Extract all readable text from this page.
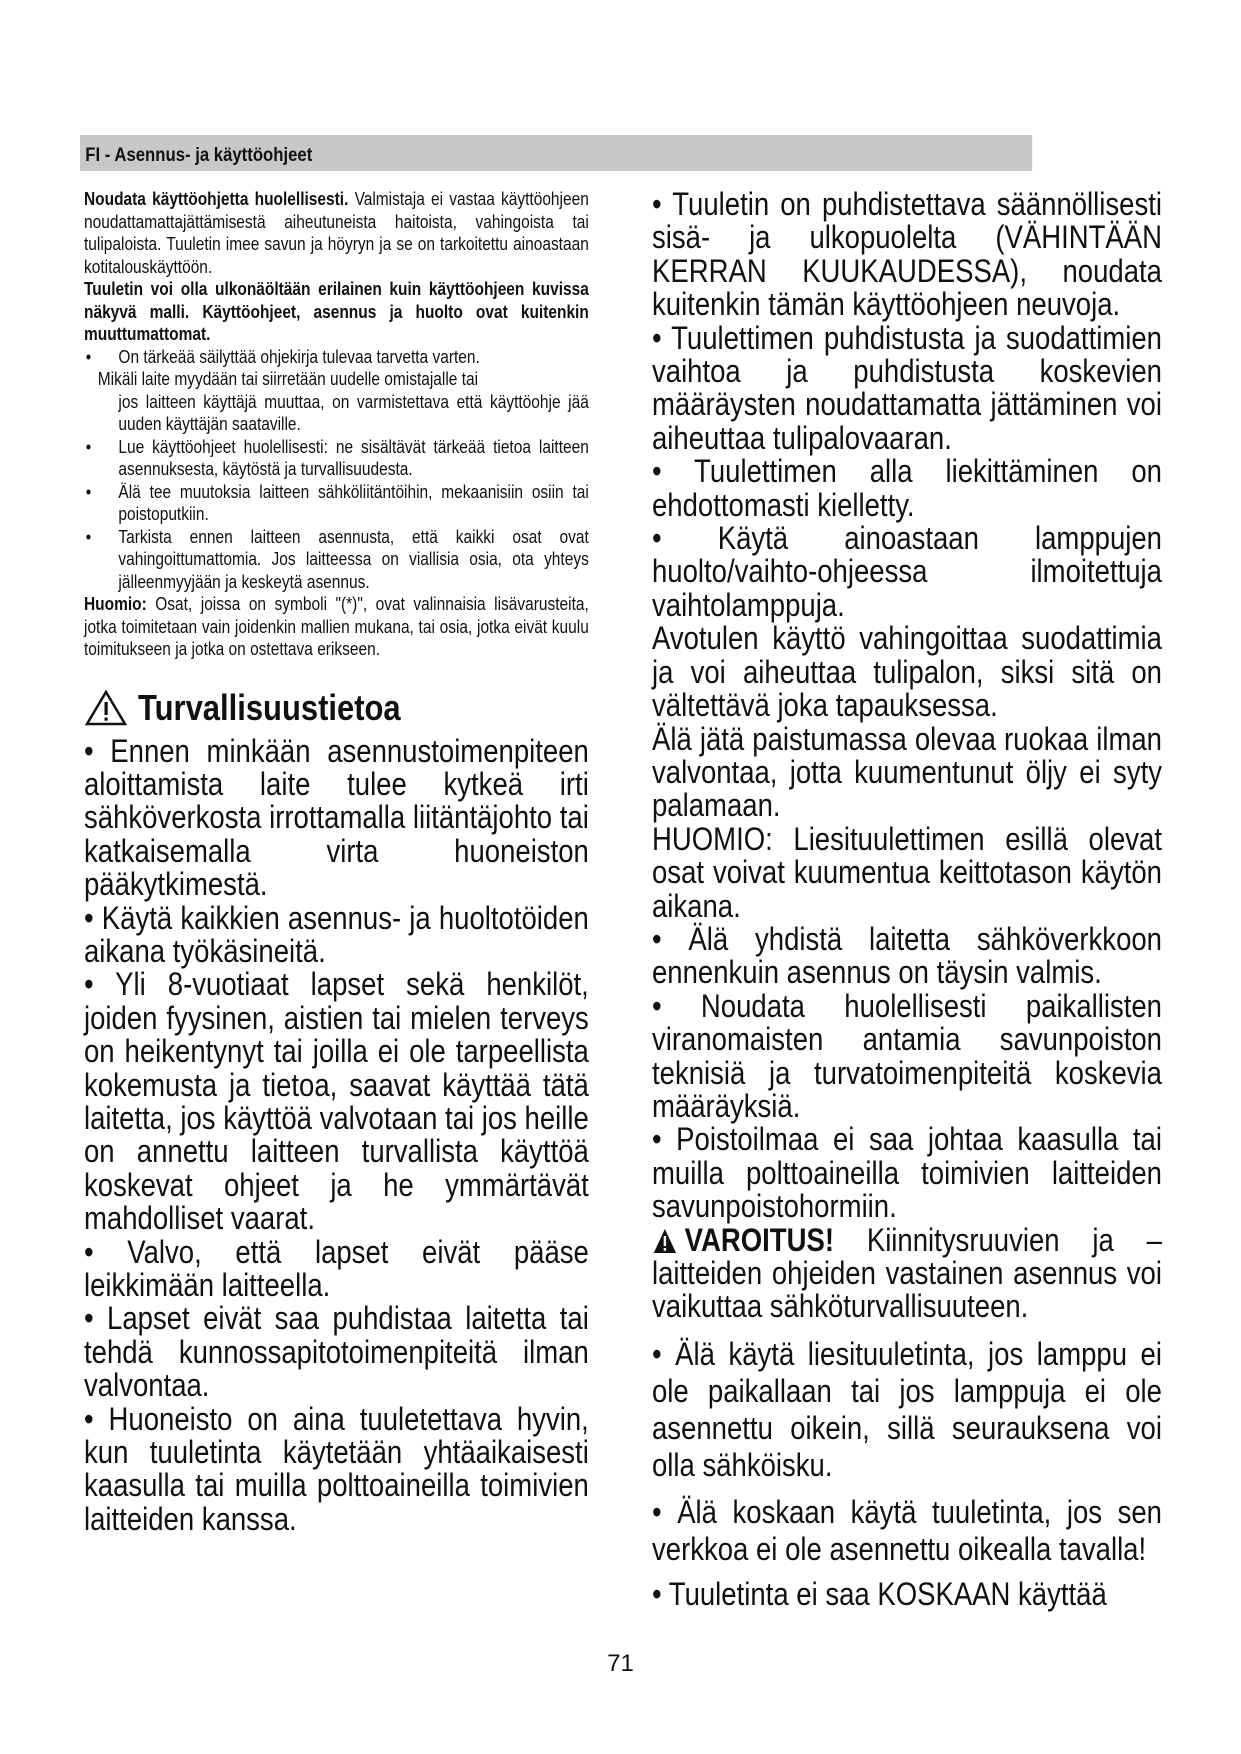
FI - Asennus- ja käyttöohjeet

Noudata käyttöohjetta huolellisesti. Valmistaja ei vastaa käyttöohjeen noudattamattajättämisestä aiheutuneista haitoista, vahingoista tai tulipaloista. Tuuletin imee savun ja höyryn ja se on tarkoitettu ainoastaan kotitalouskäyttöön.

Tuuletin voi olla ulkonäöltään erilainen kuin käyttöohjeen kuvissa näkyvä malli. Käyttöohjeet, asennus ja huolto ovat kuitenkin muuttumattomat.

• On tärkeää säilyttää ohjekirja tulevaa tarvetta varten.

Mikäli laite myydään tai siirretään uudelle omistajalle tai

jos laitteen käyttäjä muuttaa, on varmistettava että käyttöohje jää uuden käyttäjän saataville.

• Lue käyttöohjeet huolellisesti: ne sisältävät tärkeää tietoa laitteen asennuksesta, käytöstä ja turvallisuudesta.

• Älä tee muutoksia laitteen sähköliitäntöihin, mekaanisiin osiin tai poistoputkiin.

• Tarkista ennen laitteen asennusta, että kaikki osat ovat vahingoittumattomia. Jos laitteessa on viallisia osia, ota yhteys jälleenmyyjään ja keskeytä asennus.

Huomio: Osat, joissa on symboli "(*)", ovat valinnaisia lisävarusteita, jotka toimitetaan vain joidenkin mallien mukana, tai osia, jotka eivät kuulu toimitukseen ja jotka on ostettava erikseen.

Turvallisuustietoa

• Ennen minkään asennustoimenpiteen aloittamista laite tulee kytkeä irti sähköverkosta irrottamalla liitäntäjohto tai katkaisemalla virta huoneiston pääkytkimestä.

• Käytä kaikkien asennus- ja huoltotöiden aikana työkäsineitä.

• Yli 8-vuotiaat lapset sekä henkilöt, joiden fyysinen, aistien tai mielen terveys on heikentynyt tai joilla ei ole tarpeellista kokemusta ja tietoa, saavat käyttää tätä laitetta, jos käyttöä valvotaan tai jos heille on annettu laitteen turvallista käyttöä koskevat ohjeet ja he ymmärtävät mahdolliset vaarat.

• Valvo, että lapset eivät pääse leikkimään laitteella.

• Lapset eivät saa puhdistaa laitetta tai tehdä kunnossapitotoimenpiteitä ilman valvontaa.

• Huoneisto on aina tuuletettava hyvin, kun tuuletinta käytetään yhtäaikaisesti kaasulla tai muilla polttoaineilla toimivien laitteiden kanssa.

• Tuuletin on puhdistettava säännöllisesti sisä- ja ulkopuolelta (VÄHINTÄÄN KERRAN KUUKAUDESSA), noudata kuitenkin tämän käyttöohjeen neuvoja.

• Tuulettimen puhdistusta ja suodattimien vaihtoa ja puhdistusta koskevien määräysten noudattamatta jättäminen voi aiheuttaa tulipalovaaran.

• Tuulettimen alla liekittäminen on ehdottomasti kielletty.

• Käytä ainoastaan lamppujen huolto/vaihto-ohjeessa ilmoitettuja vaihtolamppuja.

Avotulen käyttö vahingoittaa suodattimia ja voi aiheuttaa tulipalon, siksi sitä on vältettävä joka tapauksessa.

Älä jätä paistumassa olevaa ruokaa ilman valvontaa, jotta kuumentunut öljy ei syty palamaan.

HUOMIO: Liesituulettimen esillä olevat osat voivat kuumentua keittotason käytön aikana.

• Älä yhdistä laitetta sähköverkkoon ennenkuin asennus on täysin valmis.

• Noudata huolellisesti paikallisten viranomaisten antamia savunpoiston teknisiä ja turvatoimenpiteitä koskevia määräyksiä.

• Poistoilmaa ei saa johtaa kaasulla tai muilla polttoaineilla toimivien laitteiden savunpoistohormiin.

VAROITUS! Kiinnitysruuvien ja – laitteiden ohjeiden vastainen asennus voi vaikuttaa sähköturvallisuuteen.

• Älä käytä liesituuletinta, jos lamppu ei ole paikallaan tai jos lamppuja ei ole asennettu oikein, sillä seurauksena voi olla sähköisku.

• Älä koskaan käytä tuuletinta, jos sen verkkoa ei ole asennettu oikealla tavalla!

• Tuuletinta ei saa KOSKAAN käyttää

71
